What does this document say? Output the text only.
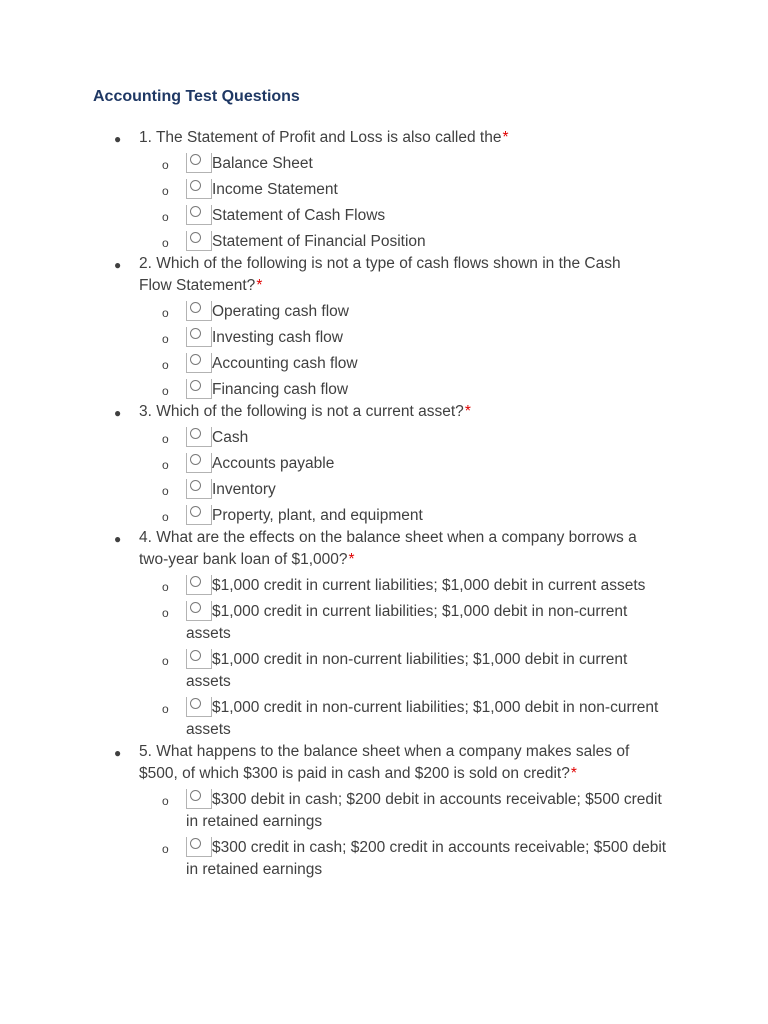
Accounting Test Questions
● 1. The Statement of Profit and Loss is also called the*
o	Balance Sheet
o	Income Statement
o	Statement of Cash Flows
o	Statement of Financial Position
● 2. Which of the following is not a type of cash flows shown in the Cash Flow Statement?*
o	Operating cash flow
o	Investing cash flow
o	Accounting cash flow
o	Financing cash flow
● 3. Which of the following is not a current asset?*
o	Cash
o	Accounts payable
o	Inventory
o	Property, plant, and equipment
● 4. What are the effects on the balance sheet when a company borrows a two-year bank loan of $1,000?*
o	$1,000 credit in current liabilities; $1,000 debit in current assets
o	$1,000 credit in current liabilities; $1,000 debit in non-current assets
o	$1,000 credit in non-current liabilities; $1,000 debit in current assets
o	$1,000 credit in non-current liabilities; $1,000 debit in non-current assets
● 5. What happens to the balance sheet when a company makes sales of $500, of which $300 is paid in cash and $200 is sold on credit?*
o	$300 debit in cash; $200 debit in accounts receivable; $500 credit in retained earnings
o	$300 credit in cash; $200 credit in accounts receivable; $500 debit in retained earnings
